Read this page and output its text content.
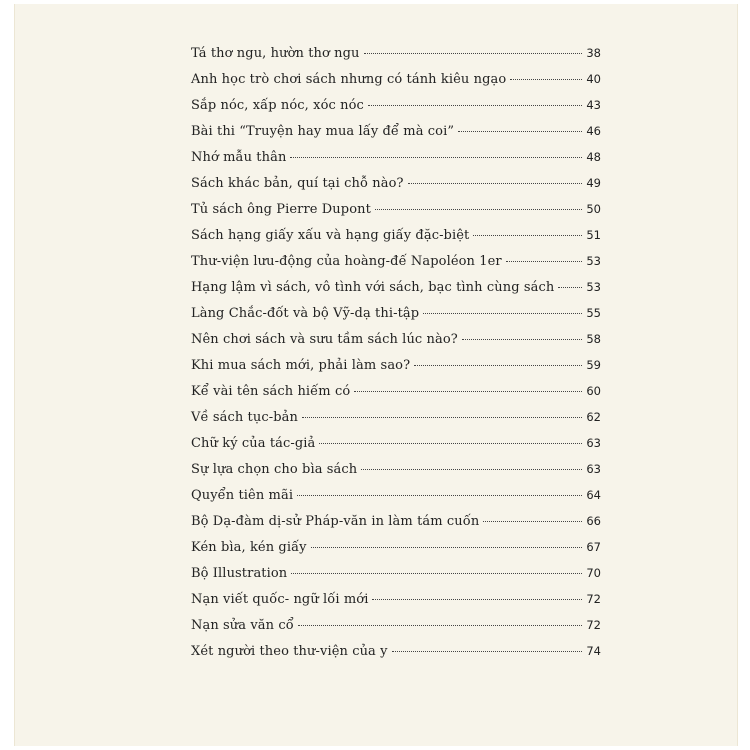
Tá thơ ngu, hườn thơ ngu	38
Anh học trò chơi sách nhưng có tánh kiêu ngạo	40
Sắp nóc, xấp nóc, xóc nóc	43
Bài thi “Truyện hay mua lấy để mà coi”	46
Nhớ mẫu thân	48
Sách khác bản, quí tại chỗ nào?	49
Tủ sách ông Pierre Dupont	50
Sách hạng giấy xấu và hạng giấy đặc-biệt	51
Thư-viện lưu-động của hoàng-đế Napoléon 1er	53
Hạng lậm vì sách, vô tình với sách, bạc tình cùng sách	53
Làng Chắc-đốt và bộ Vỹ-dạ thi-tập	55
Nên chơi sách và sưu tầm sách lúc nào?	58
Khi mua sách mới, phải làm sao?	59
Kể vài tên sách hiếm có	60
Về sách tục-bản	62
Chữ ký của tác-giả	63
Sự lựa chọn cho bìa sách	63
Quyển tiên mãi	64
Bộ Dạ-đàm dị-sử Pháp-văn in làm tám cuốn	66
Kén bìa, kén giấy	67
Bộ Illustration	70
Nạn viết quốc- ngữ lối mới	72
Nạn sửa văn cổ	72
Xét người theo thư-viện của y	74
